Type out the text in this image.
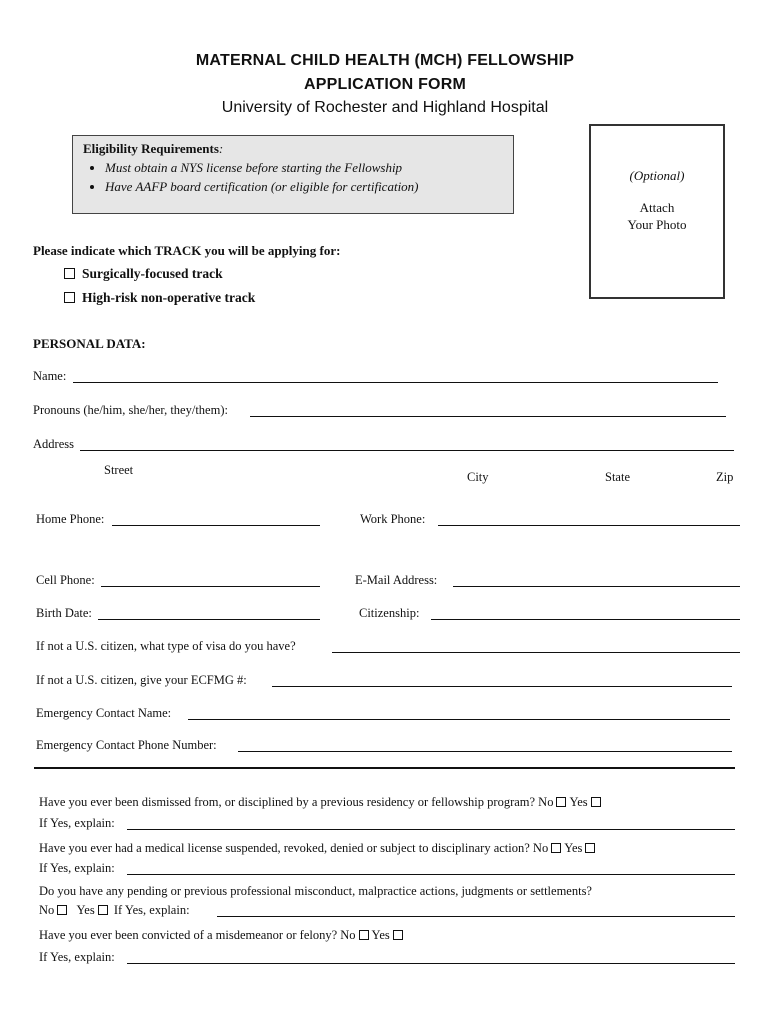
MATERNAL CHILD HEALTH (MCH) FELLOWSHIP
APPLICATION FORM
University of Rochester and Highland Hospital
Eligibility Requirements:
• Must obtain a NYS license before starting the Fellowship
• Have AAFP board certification (or eligible for certification)
(Optional)
Attach
Your Photo
Please indicate which TRACK you will be applying for:
Surgically-focused track
High-risk non-operative track
PERSONAL DATA:
Name:
Pronouns (he/him, she/her, they/them):
Address
Street	City	State	Zip
Home Phone:	Work Phone:
Cell Phone:	E-Mail Address:
Birth Date:	Citizenship:
If not a U.S. citizen, what type of visa do you have?
If not a U.S. citizen, give your ECFMG #:
Emergency Contact Name:
Emergency Contact Phone Number:
Have you ever been dismissed from, or disciplined by a previous residency or fellowship program? No Yes
If Yes, explain:
Have you ever had a medical license suspended, revoked, denied or subject to disciplinary action? No Yes
If Yes, explain:
Do you have any pending or previous professional misconduct, malpractice actions, judgments or settlements?
No Yes If Yes, explain:
Have you ever been convicted of a misdemeanor or felony? No Yes
If Yes, explain:
